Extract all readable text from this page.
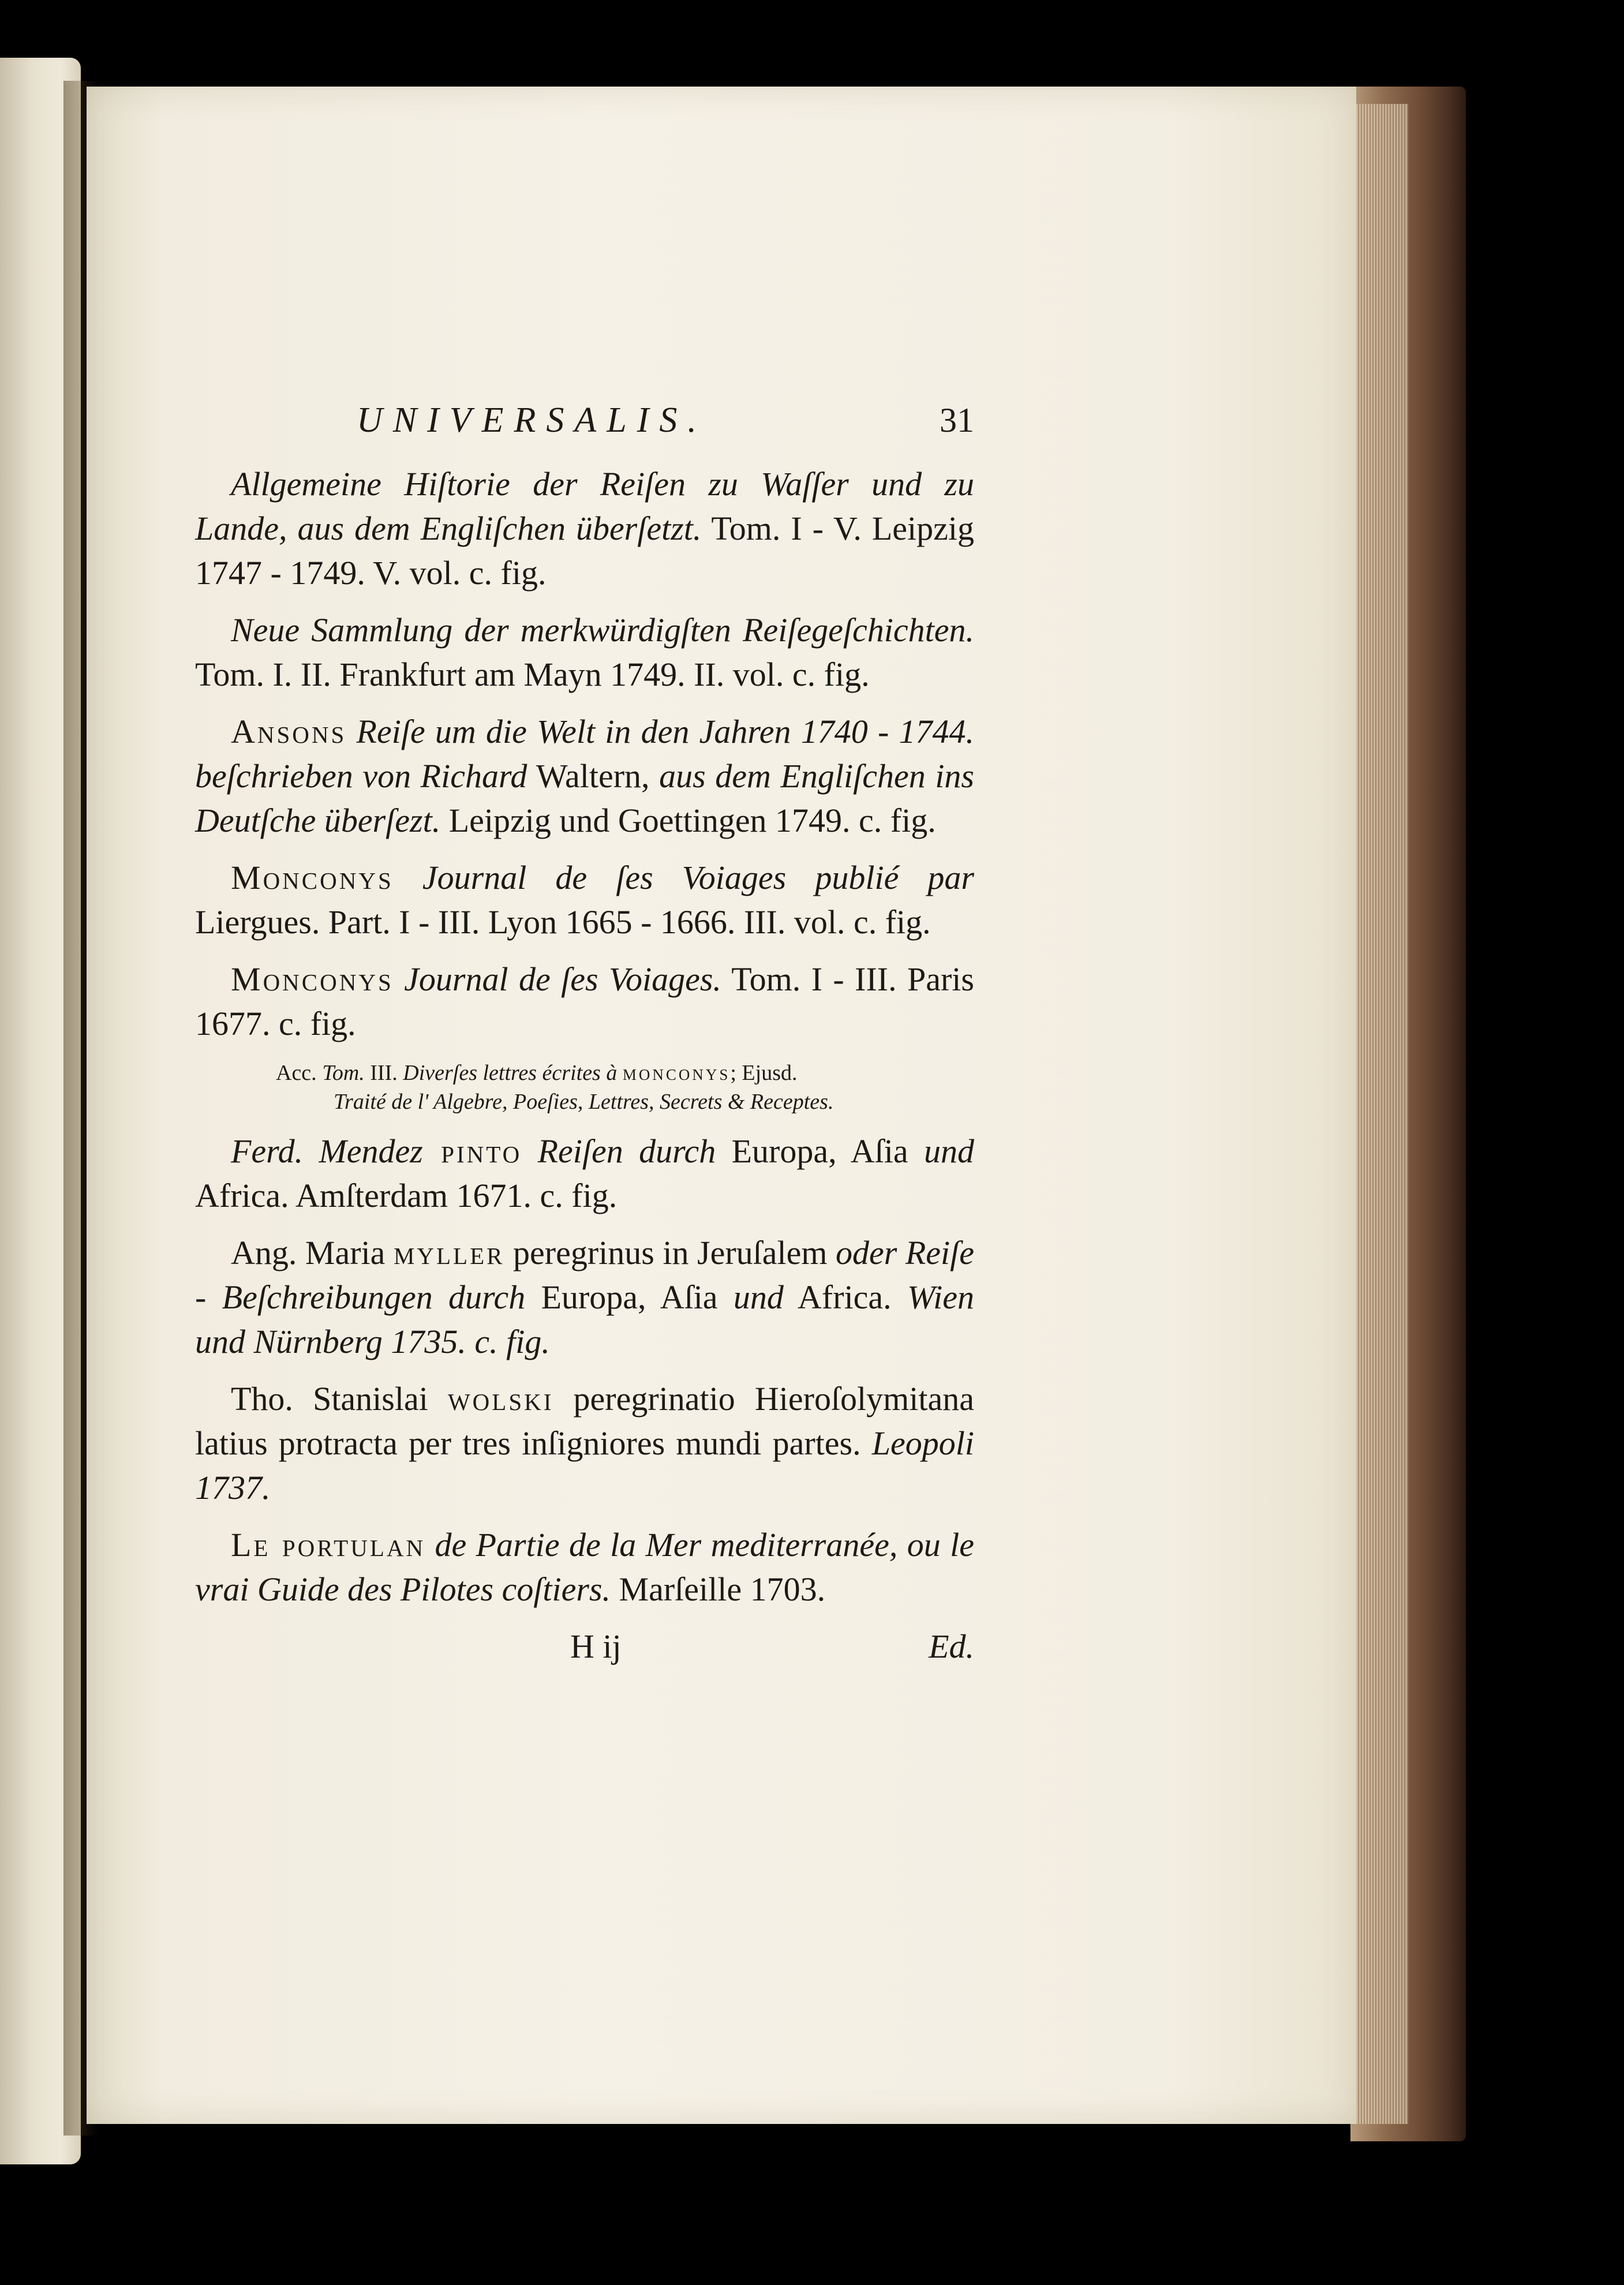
UNIVERSALIS.	31

Allgemeine Hiſtorie der Reiſen zu Waſſer und zu Lande, aus dem Engliſchen überſetzt. Tom. I - V. Leipzig 1747 - 1749. V. vol. c. fig.

Neue Sammlung der merkwürdigſten Reiſegeſchichten. Tom. I. II. Frankfurt am Mayn 1749. II. vol. c. fig.

Ansons Reiſe um die Welt in den Jahren 1740 - 1744. beſchrieben von Richard Waltern, aus dem Engliſchen ins Deutſche überſezt. Leipzig und Goettingen 1749. c. fig.

Monconys Journal de ſes Voiages publié par Liergues. Part. I - III. Lyon 1665 - 1666. III. vol. c. fig.

Monconys Journal de ſes Voiages. Tom. I - III. Paris 1677. c. fig.

Acc. Tom. III. Diverſes lettres écrites à monconys; Ejusd.
Traité de l' Algebre, Poeſies, Lettres, Secrets & Receptes.

Ferd. Mendez pinto Reiſen durch Europa, Aſia und Africa. Amſterdam 1671. c. fig.

Ang. Maria myller peregrinus in Jeruſalem oder Reiſe - Beſchreibungen durch Europa, Aſia und Africa. Wien und Nürnberg 1735. c. fig.

Tho. Stanislai wolski peregrinatio Hieroſolymitana latius protracta per tres inſigniores mundi partes. Leopoli 1737.

Le portulan de Partie de la Mer mediterranée, ou le vrai Guide des Pilotes coſtiers. Marſeille 1703.

H ij	Ed.
